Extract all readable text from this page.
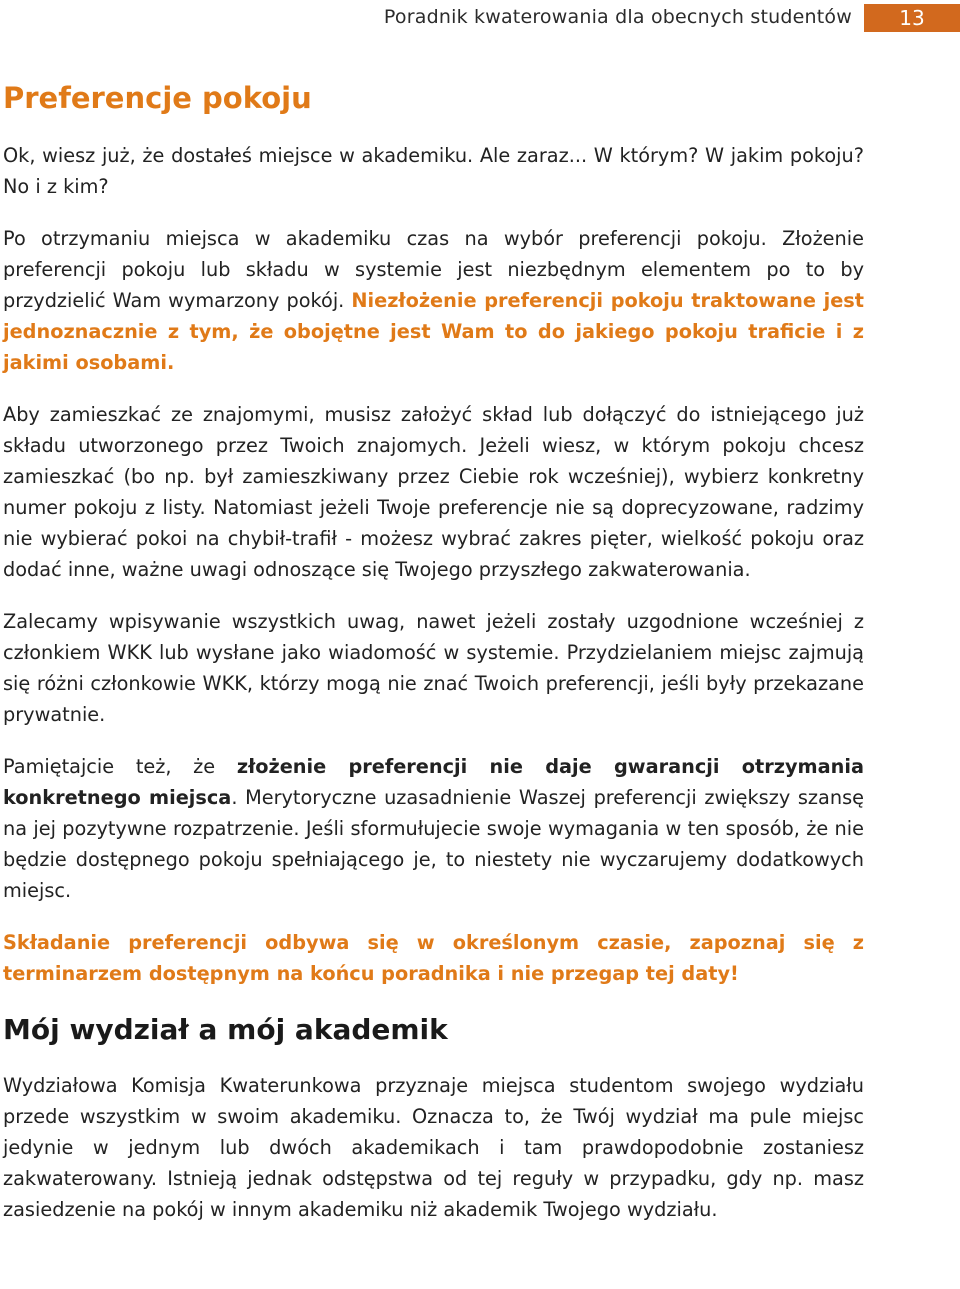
Poradnik kwaterowania dla obecnych studentów	13
Preferencje pokoju

Ok, wiesz już, że dostałeś miejsce w akademiku. Ale zaraz... W którym? W jakim pokoju? No i z kim?

Po otrzymaniu miejsca w akademiku czas na wybór preferencji pokoju. Złożenie preferencji pokoju lub składu w systemie jest niezbędnym elementem po to by przydzielić Wam wymarzony pokój. Niezłożenie preferencji pokoju traktowane jest jednoznacznie z tym, że obojętne jest Wam to do jakiego pokoju traficie i z jakimi osobami.

Aby zamieszkać ze znajomymi, musisz założyć skład lub dołączyć do istniejącego już składu utworzonego przez Twoich znajomych. Jeżeli wiesz, w którym pokoju chcesz zamieszkać (bo np. był zamieszkiwany przez Ciebie rok wcześniej), wybierz konkretny numer pokoju z listy. Natomiast jeżeli Twoje preferencje nie są doprecyzowane, radzimy nie wybierać pokoi na chybił-trafił - możesz wybrać zakres pięter, wielkość pokoju oraz dodać inne, ważne uwagi odnoszące się Twojego przyszłego zakwaterowania.

Zalecamy wpisywanie wszystkich uwag, nawet jeżeli zostały uzgodnione wcześniej z członkiem WKK lub wysłane jako wiadomość w systemie. Przydzielaniem miejsc zajmują się różni członkowie WKK, którzy mogą nie znać Twoich preferencji, jeśli były przekazane prywatnie.

Pamiętajcie też, że złożenie preferencji nie daje gwarancji otrzymania konkretnego miejsca. Merytoryczne uzasadnienie Waszej preferencji zwiększy szansę na jej pozytywne rozpatrzenie. Jeśli sformułujecie swoje wymagania w ten sposób, że nie będzie dostępnego pokoju spełniającego je, to niestety nie wyczarujemy dodatkowych miejsc.

Składanie preferencji odbywa się w określonym czasie, zapoznaj się z terminarzem dostępnym na końcu poradnika i nie przegap tej daty!

Mój wydział a mój akademik

Wydziałowa Komisja Kwaterunkowa przyznaje miejsca studentom swojego wydziału przede wszystkim w swoim akademiku. Oznacza to, że Twój wydział ma pule miejsc jedynie w jednym lub dwóch akademikach i tam prawdopodobnie zostaniesz zakwaterowany. Istnieją jednak odstępstwa od tej reguły w przypadku, gdy np. masz zasiedzenie na pokój w innym akademiku niż akademik Twojego wydziału.
